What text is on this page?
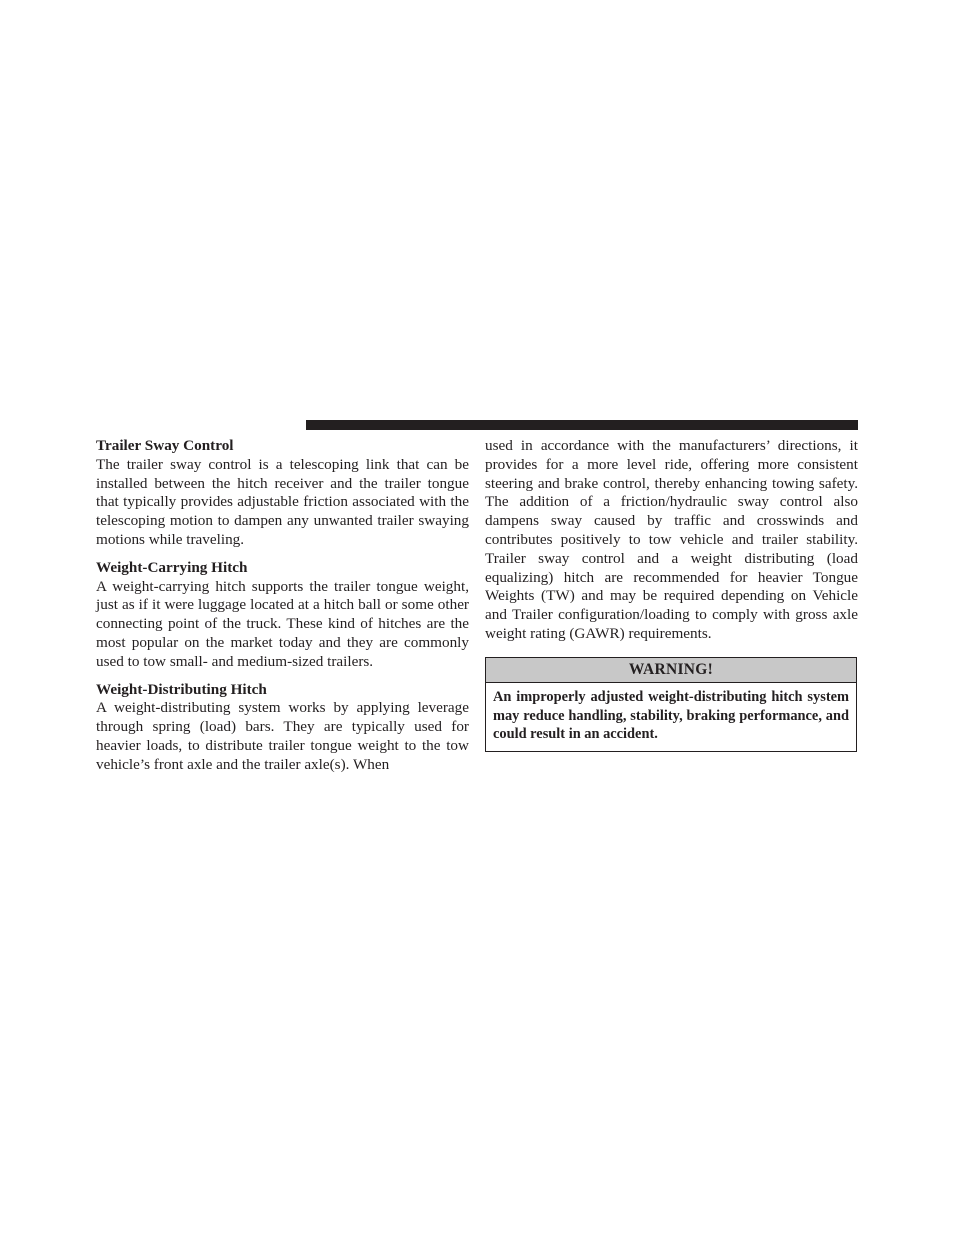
Trailer Sway Control

The trailer sway control is a telescoping link that can be installed between the hitch receiver and the trailer tongue that typically provides adjustable friction associated with the telescoping motion to dampen any unwanted trailer swaying motions while traveling.

Weight-Carrying Hitch

A weight-carrying hitch supports the trailer tongue weight, just as if it were luggage located at a hitch ball or some other connecting point of the truck. These kind of hitches are the most popular on the market today and they are commonly used to tow small- and medium-sized trailers.

Weight-Distributing Hitch

A weight-distributing system works by applying leverage through spring (load) bars. They are typically used for heavier loads, to distribute trailer tongue weight to the tow vehicle’s front axle and the trailer axle(s). When

used in accordance with the manufacturers’ directions, it provides for a more level ride, offering more consistent steering and brake control, thereby enhancing towing safety. The addition of a friction/hydraulic sway control also dampens sway caused by traffic and crosswinds and contributes positively to tow vehicle and trailer stability. Trailer sway control and a weight distributing (load equalizing) hitch are recommended for heavier Tongue Weights (TW) and may be required depending on Vehicle and Trailer configuration/loading to comply with gross axle weight rating (GAWR) requirements.

WARNING!
An improperly adjusted weight-distributing hitch system may reduce handling, stability, braking performance, and could result in an accident.
